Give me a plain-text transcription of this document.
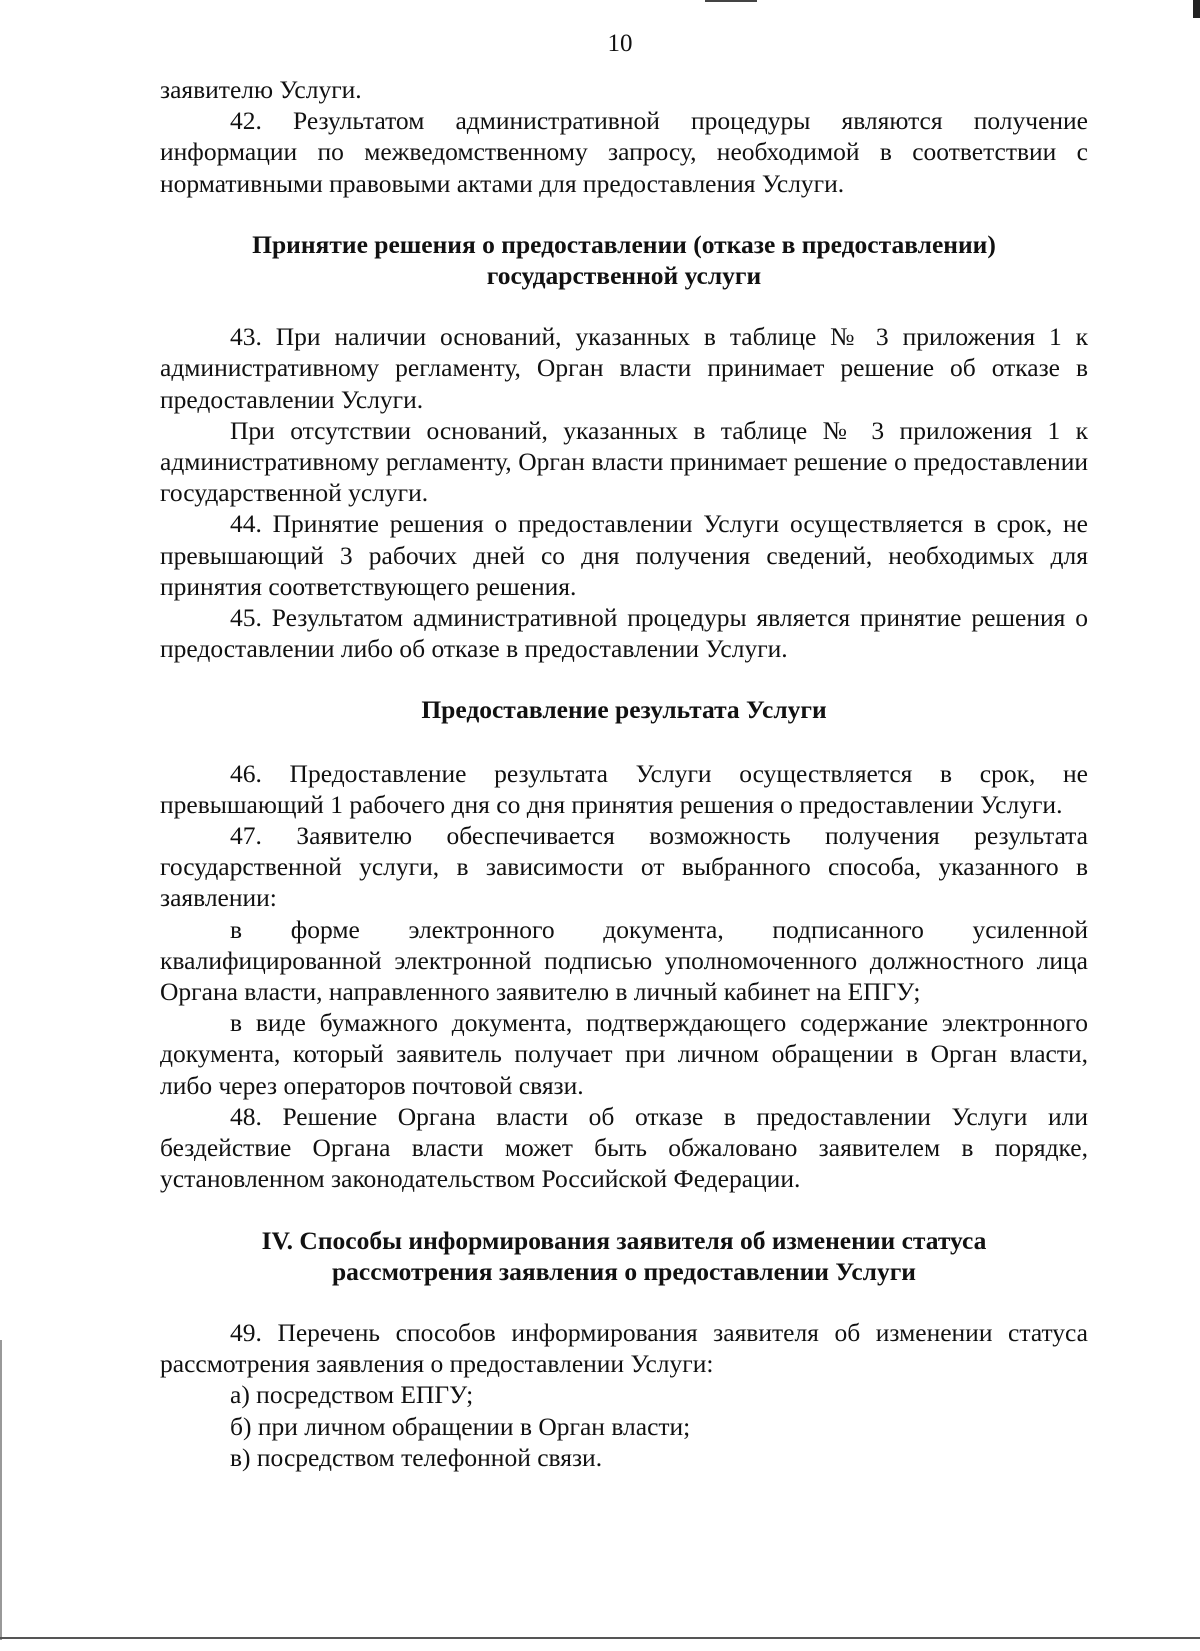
10

заявителю Услуги.

42. Результатом административной процедуры являются получение информации по межведомственному запросу, необходимой в соответствии с нормативными правовыми актами для предоставления Услуги.

Принятие решения о предоставлении (отказе в предоставлении)
государственной услуги

43. При наличии оснований, указанных в таблице № 3 приложения 1 к административному регламенту, Орган власти принимает решение об отказе в предоставлении Услуги.

При отсутствии оснований, указанных в таблице № 3 приложения 1 к административному регламенту, Орган власти принимает решение о предоставлении государственной услуги.

44. Принятие решения о предоставлении Услуги осуществляется в срок, не превышающий 3 рабочих дней со дня получения сведений, необходимых для принятия соответствующего решения.

45. Результатом административной процедуры является принятие решения о предоставлении либо об отказе в предоставлении Услуги.

Предоставление результата Услуги

46. Предоставление результата Услуги осуществляется в срок, не превышающий 1 рабочего дня со дня принятия решения о предоставлении Услуги.

47. Заявителю обеспечивается возможность получения результата государственной услуги, в зависимости от выбранного способа, указанного в заявлении:

в форме электронного документа, подписанного усиленной квалифицированной электронной подписью уполномоченного должностного лица Органа власти, направленного заявителю в личный кабинет на ЕПГУ;

в виде бумажного документа, подтверждающего содержание электронного документа, который заявитель получает при личном обращении в Орган власти, либо через операторов почтовой связи.

48. Решение Органа власти об отказе в предоставлении Услуги или бездействие Органа власти может быть обжаловано заявителем в порядке, установленном законодательством Российской Федерации.

IV. Способы информирования заявителя об изменении статуса
рассмотрения заявления о предоставлении Услуги

49. Перечень способов информирования заявителя об изменении статуса рассмотрения заявления о предоставлении Услуги:

а) посредством ЕПГУ;

б) при личном обращении в Орган власти;

в) посредством телефонной связи.
